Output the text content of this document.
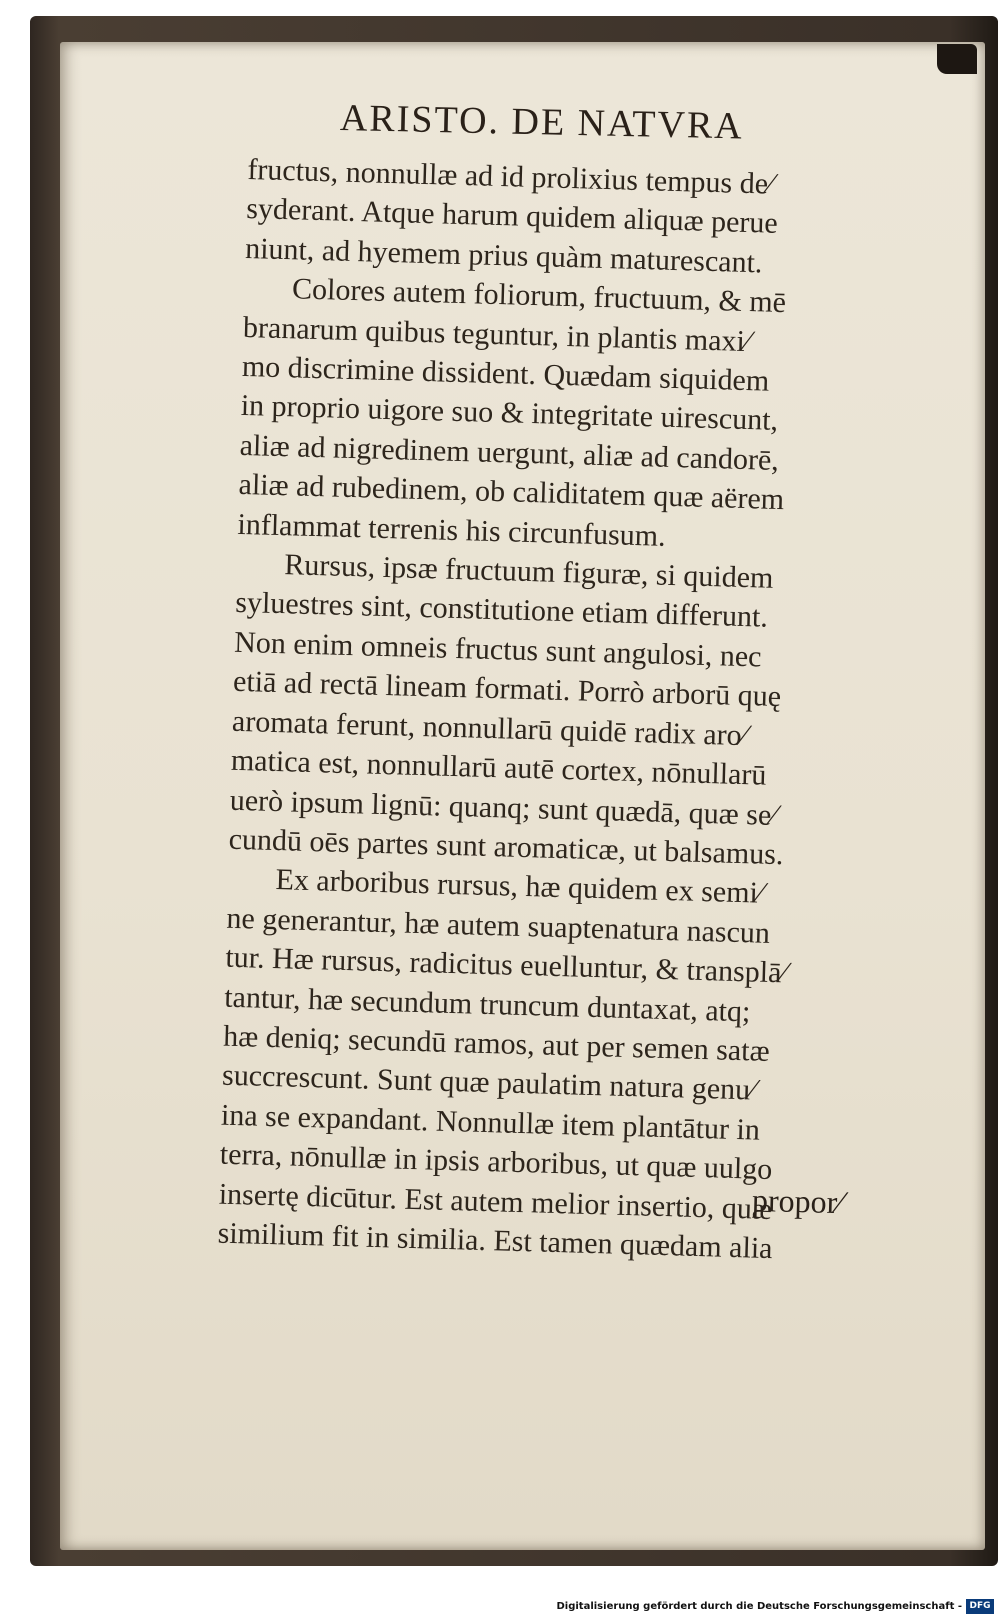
ARISTO. DE NATVRA
fructus, nonnullæ ad id prolixius tempus de⁄
syderant. Atque harum quidem aliquæ perue
niunt, ad hyemem prius quàm maturescant.
Colores autem foliorum, fructuum, & mē
branarum quibus teguntur, in plantis maxi⁄
mo discrimine dissident. Quædam siquidem
in proprio uigore suo & integritate uirescunt,
aliæ ad nigredinem uergunt, aliæ ad candorē,
aliæ ad rubedinem, ob caliditatem quæ aërem
inflammat terrenis his circunfusum.
Rursus, ipsæ fructuum figuræ, si quidem
syluestres sint, constitutione etiam differunt.
Non enim omneis fructus sunt angulosi, nec
etiā ad rectā lineam formati. Porrò arborū quę
aromata ferunt, nonnullarū quidē radix aro⁄
matica est, nonnullarū autē cortex, nōnullarū
uerò ipsum lignū: quanq; sunt quædā, quæ se⁄
cundū oēs partes sunt aromaticæ, ut balsamus.
Ex arboribus rursus, hæ quidem ex semi⁄
ne generantur, hæ autem suaptenatura nascun
tur. Hæ rursus, radicitus euelluntur, & transplā⁄
tantur, hæ secundum truncum duntaxat, atq;
hæ deniq; secundū ramos, aut per semen satæ
succrescunt. Sunt quæ paulatim natura genu⁄
ina se expandant. Nonnullæ item plantātur in
terra, nōnullæ in ipsis arboribus, ut quæ uulgo
insertę dicūtur. Est autem melior insertio, quæ
similium fit in similia. Est tamen quædam alia
propor⁄
Digitalisierung gefördert durch die Deutsche Forschungsgemeinschaft - DFG
